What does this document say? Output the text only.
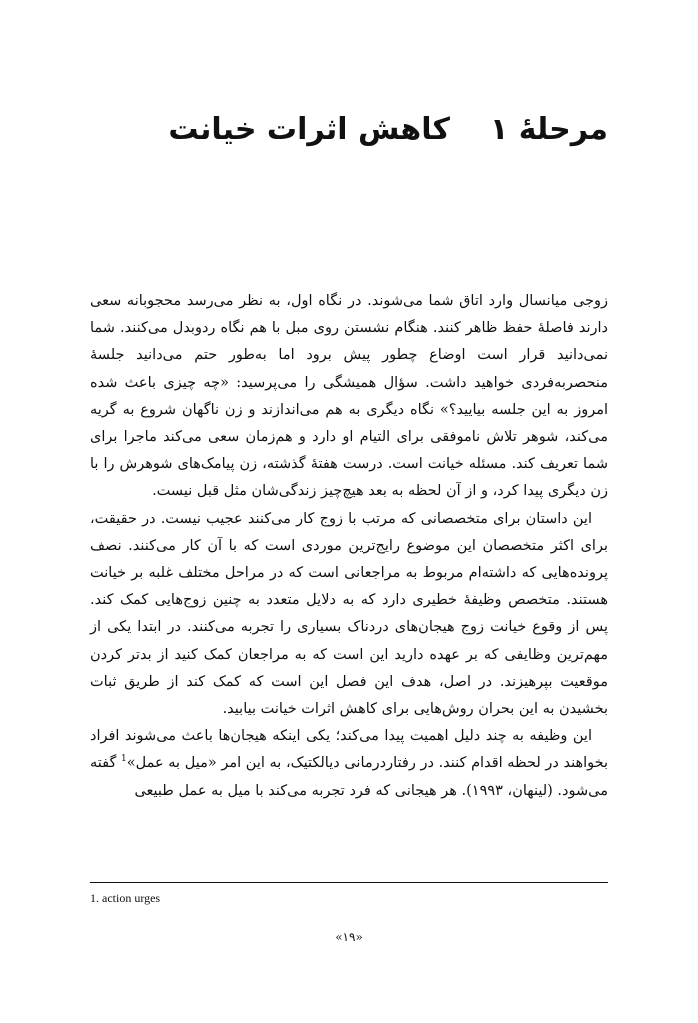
مرحلهٔ ۱کاهش اثرات خیانت

زوجی میانسال وارد اتاق شما می‌شوند. در نگاه اول، به نظر می‌رسد محجوبانه سعی دارند فاصلهٔ حفظ ظاهر کنند. هنگام نشستن روی مبل با هم نگاه ردوبدل می‌کنند. شما نمی‌دانید قرار است اوضاع چطور پیش برود اما به‌طور حتم می‌دانید جلسهٔ منحصربه‌فردی خواهید داشت. سؤال همیشگی را می‌پرسید: «چه چیزی باعث شده امروز به این جلسه بیایید؟» نگاه دیگری به هم می‌اندازند و زن ناگهان شروع به گریه می‌کند، شوهر تلاش ناموفقی برای التیام او دارد و هم‌زمان سعی می‌کند ماجرا برای شما تعریف کند. مسئله خیانت است. درست هفتهٔ گذشته، زن پیامک‌های شوهرش را با زن دیگری پیدا کرد، و از آن لحظه به بعد هیچ‌چیز زندگی‌شان مثل قبل نیست.

این داستان برای متخصصانی که مرتب با زوج کار می‌کنند عجیب نیست. در حقیقت، برای اکثر متخصصان این موضوع رایج‌ترین موردی است که با آن کار می‌کنند. نصف پرونده‌هایی که داشته‌ام مربوط به مراجعانی است که در مراحل مختلف غلبه بر خیانت هستند. متخصص وظیفهٔ خطیری دارد که به دلایل متعدد به چنین زوج‌هایی کمک کند. پس از وقوع خیانت زوج هیجان‌های دردناک بسیاری را تجربه می‌کنند. در ابتدا یکی از مهم‌ترین وظایفی که بر عهده دارید این است که به مراجعان کمک کنید از بدتر کردن موقعیت بپرهیزند. در اصل، هدف این فصل این است که کمک کند از طریق ثبات بخشیدن به این بحران روش‌هایی برای کاهش اثرات خیانت بیابید.

این وظیفه به چند دلیل اهمیت پیدا می‌کند؛ یکی اینکه هیجان‌ها باعث می‌شوند افراد بخواهند در لحظه اقدام کنند. در رفتاردرمانی دیالکتیک، به این امر «میل به عمل»$^1$ گفته می‌شود. (لینهان، ۱۹۹۳). هر هیجانی که فرد تجربه می‌کند با میل به عمل طبیعی

1. action urges
«۱۹»
